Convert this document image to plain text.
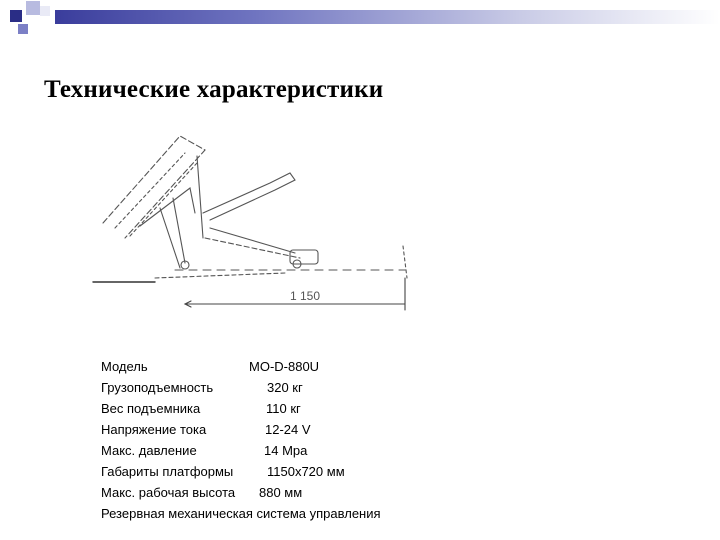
Технические характеристики
1 150
Модель	MO-D-880U
Грузоподъемность	320 кг
Вес подъемника	110 кг
Напряжение тока	12-24 V
Макс. давление	14 Мра
Габариты платформы	1150х720 мм
Макс. рабочая высота 880 мм
Резервная механическая система управления
